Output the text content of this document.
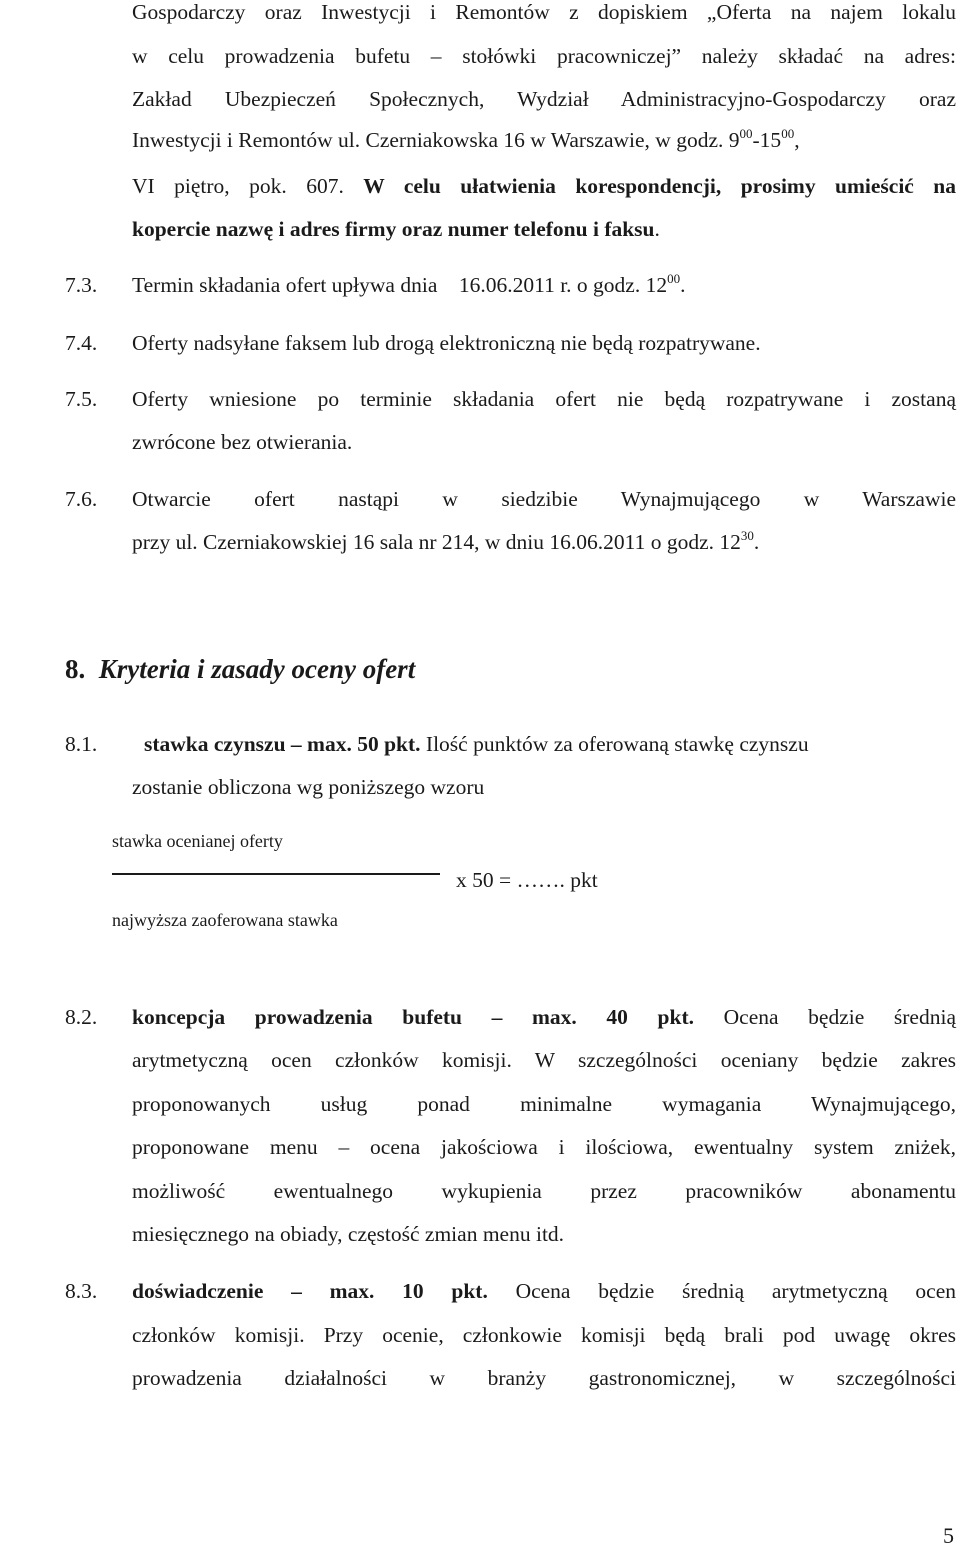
Gospodarczy oraz Inwestycji i Remontów z dopiskiem „Oferta na najem lokalu
w celu prowadzenia bufetu – stołówki pracowniczej” należy składać na adres:
Zakład Ubezpieczeń Społecznych, Wydział Administracyjno-Gospodarczy oraz
Inwestycji i Remontów ul. Czerniakowska 16 w Warszawie, w godz. $9^{00}-15^{00}$,
VI piętro, pok. 607. W celu ułatwienia korespondencji, prosimy umieścić na
kopercie nazwę i adres firmy oraz numer telefonu i faksu.
7.3. Termin składania ofert upływa dnia    16.06.2011 r. o godz. $12^{00}$.
7.4. Oferty nadsyłane faksem lub drogą elektroniczną nie będą rozpatrywane.
7.5. Oferty wniesione po terminie składania ofert nie będą rozpatrywane i zostaną
zwrócone bez otwierania.
7.6. Otwarcie ofert nastąpi w siedzibie Wynajmującego w Warszawie
przy ul. Czerniakowskiej 16 sala nr 214, w dniu 16.06.2011 o godz. $12^{30}$.
8. Kryteria i zasady oceny ofert
8.1. stawka czynszu – max. 50 pkt. Ilość punktów za oferowaną stawkę czynszu
zostanie obliczona wg poniższego wzoru
stawka ocenianej oferty
x 50 = ……. pkt
najwyższa zaoferowana stawka
8.2. koncepcja prowadzenia bufetu – max. 40 pkt. Ocena będzie średnią
arytmetyczną ocen członków komisji. W szczególności oceniany będzie zakres
proponowanych usług ponad minimalne wymagania Wynajmującego,
proponowane menu – ocena jakościowa i ilościowa, ewentualny system zniżek,
możliwość ewentualnego wykupienia przez pracowników abonamentu
miesięcznego na obiady, częstość zmian menu itd.
8.3. doświadczenie – max. 10 pkt. Ocena będzie średnią arytmetyczną ocen
członków komisji. Przy ocenie, członkowie komisji będą brali pod uwagę okres
prowadzenia działalności w branży gastronomicznej, w szczególności
5
